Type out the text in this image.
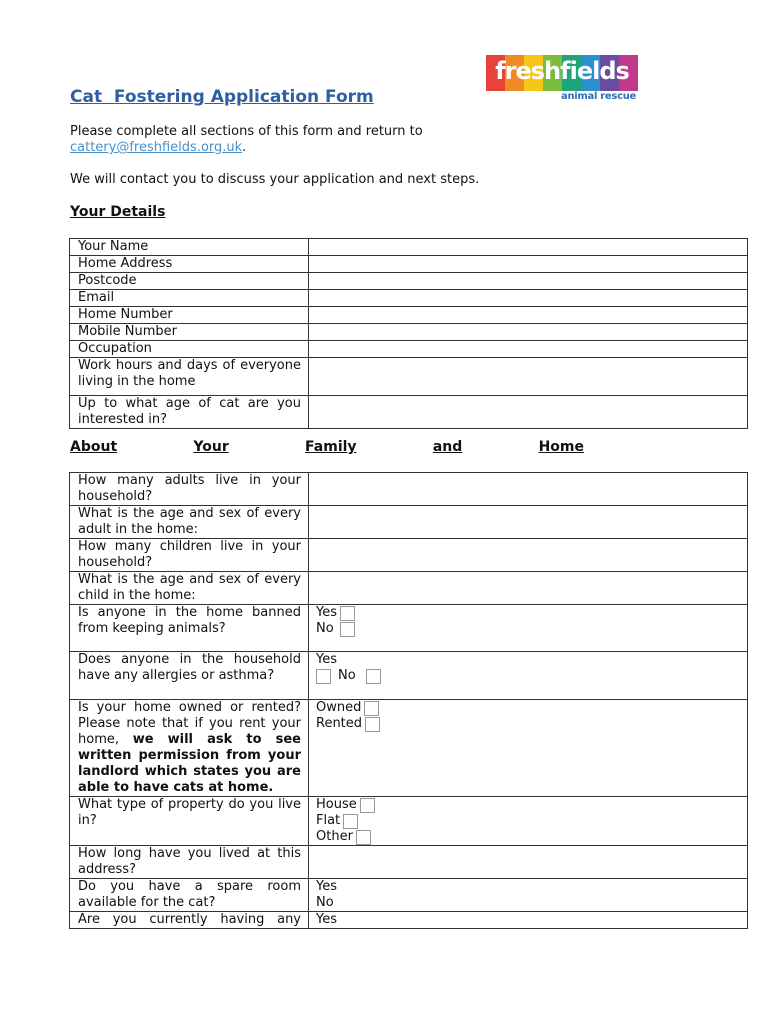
freshfields
animal rescue
Cat  Fostering Application Form
Please complete all sections of this form and return to
cattery@freshfields.org.uk.
We will contact you to discuss your application and next steps.
Your Details
Your Name	
Home Address	
Postcode	
Email	
Home Number	
Mobile Number	
Occupation	
Work hours and days of everyone living in the home	
Up to what age of cat are you interested in?	
About	Your	Family	and	Home
How many adults live in your household?	
What is the age and sex of every adult in the home:	
How many children live in your household?	
What is the age and sex of every child in the home:	
Is anyone in the home banned from keeping animals?	Yes
No

Does anyone in the household have any allergies or asthma?	Yes
No

Is your home owned or rented? Please note that if you rent your home, we will ask to see written permission from your landlord which states you are able to have cats at home.	Owned
Rented

What type of property do you live in?	House
Flat
Other

How long have you lived at this address?	
Do you have a spare room available for the cat?	Yes
No

Are you currently having any	Yes
